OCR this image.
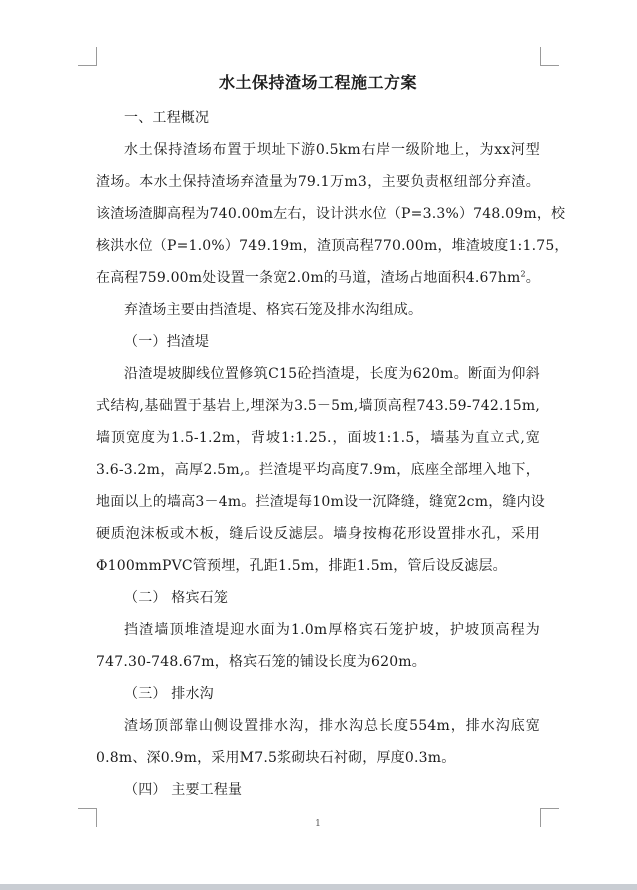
水土保持渣场工程施工方案
一、工程概况
水土保持渣场布置于坝址下游0.5km右岸一级阶地上，为xx河型
渣场。本水土保持渣场弃渣量为79.1万m3，主要负责枢纽部分弃渣。
该渣场渣脚高程为740.00m左右，设计洪水位（P=3.3%）748.09m，校
核洪水位（P=1.0%）749.19m，渣顶高程770.00m，堆渣坡度1:1.75，
在高程759.00m处设置一条宽2.0m的马道，渣场占地面积$4.67hm^2$。
弃渣场主要由挡渣堤、格宾石笼及排水沟组成。
（一）挡渣堤
沿渣堤坡脚线位置修筑C15砼挡渣堤，长度为620m。断面为仰斜
式结构,基础置于基岩上,埋深为3.5－5m,墙顶高程743.59-742.15m,
墙顶宽度为1.5-1.2m，背坡1:1.25.，面坡1:1.5，墙基为直立式,宽
3.6-3.2m，高厚2.5m,。拦渣堤平均高度7.9m，底座全部埋入地下，
地面以上的墙高3－4m。拦渣堤每10m设一沉降缝，缝宽2cm，缝内设
硬质泡沫板或木板，缝后设反滤层。墙身按梅花形设置排水孔，采用
Φ100mmPVC管预埋，孔距1.5m，排距1.5m，管后设反滤层。
（二） 格宾石笼
挡渣墙顶堆渣堤迎水面为1.0m厚格宾石笼护坡，护坡顶高程为
747.30-748.67m，格宾石笼的铺设长度为620m。
（三） 排水沟
渣场顶部靠山侧设置排水沟，排水沟总长度554m，排水沟底宽
0.8m、深0.9m，采用M7.5浆砌块石衬砌，厚度0.3m。
（四） 主要工程量
1
